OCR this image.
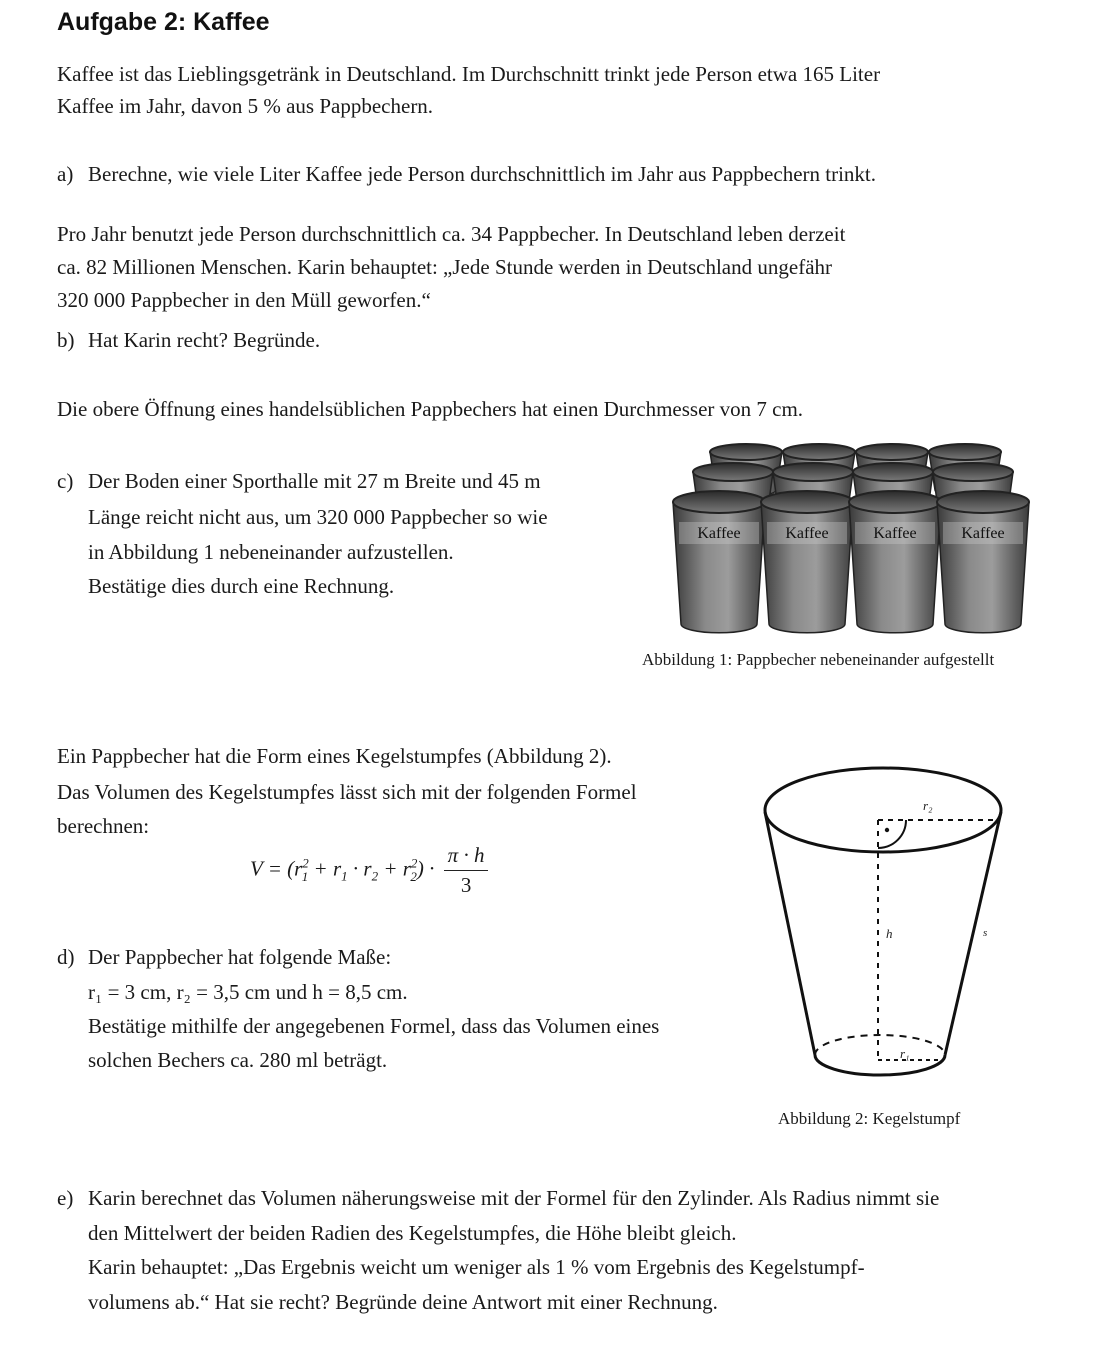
Aufgabe 2: Kaffee
Kaffee ist das Lieblingsgetränk in Deutschland. Im Durchschnitt trinkt jede Person etwa 165 Liter
Kaffee im Jahr, davon 5 % aus Pappbechern.
a) Berechne, wie viele Liter Kaffee jede Person durchschnittlich im Jahr aus Pappbechern trinkt.
Pro Jahr benutzt jede Person durchschnittlich ca. 34 Pappbecher. In Deutschland leben derzeit
ca. 82 Millionen Menschen. Karin behauptet: „Jede Stunde werden in Deutschland ungefähr
320 000 Pappbecher in den Müll geworfen.“
b) Hat Karin recht? Begründe.
Die obere Öffnung eines handelsüblichen Pappbechers hat einen Durchmesser von 7 cm.
c) Der Boden einer Sporthalle mit 27 m Breite und 45 m
Länge reicht nicht aus, um 320 000 Pappbecher so wie
in Abbildung 1 nebeneinander aufzustellen.
Bestätige dies durch eine Rechnung.
Kaffee	Kaffee	Kaffee	Kaffee
Abbildung 1: Pappbecher nebeneinander aufgestellt
Ein Pappbecher hat die Form eines Kegelstumpfes (Abbildung 2).
Das Volumen des Kegelstumpfes lässt sich mit der folgenden Formel
berechnen:
$V = (r^2_1 + r_1 \cdot r_2 + r^2_2) \cdot \frac{\pi \cdot h}{3}$
d) Der Pappbecher hat folgende Maße:
r₁ = 3 cm, r₂ = 3,5 cm und h = 8,5 cm.
Bestätige mithilfe der angegebenen Formel, dass das Volumen eines
solchen Bechers ca. 280 ml beträgt.
r₂
h	s
r₁
Abbildung 2: Kegelstumpf
e) Karin berechnet das Volumen näherungsweise mit der Formel für den Zylinder. Als Radius nimmt sie
den Mittelwert der beiden Radien des Kegelstumpfes, die Höhe bleibt gleich.
Karin behauptet: „Das Ergebnis weicht um weniger als 1 % vom Ergebnis des Kegelstumpf-
volumens ab.“ Hat sie recht? Begründe deine Antwort mit einer Rechnung.
